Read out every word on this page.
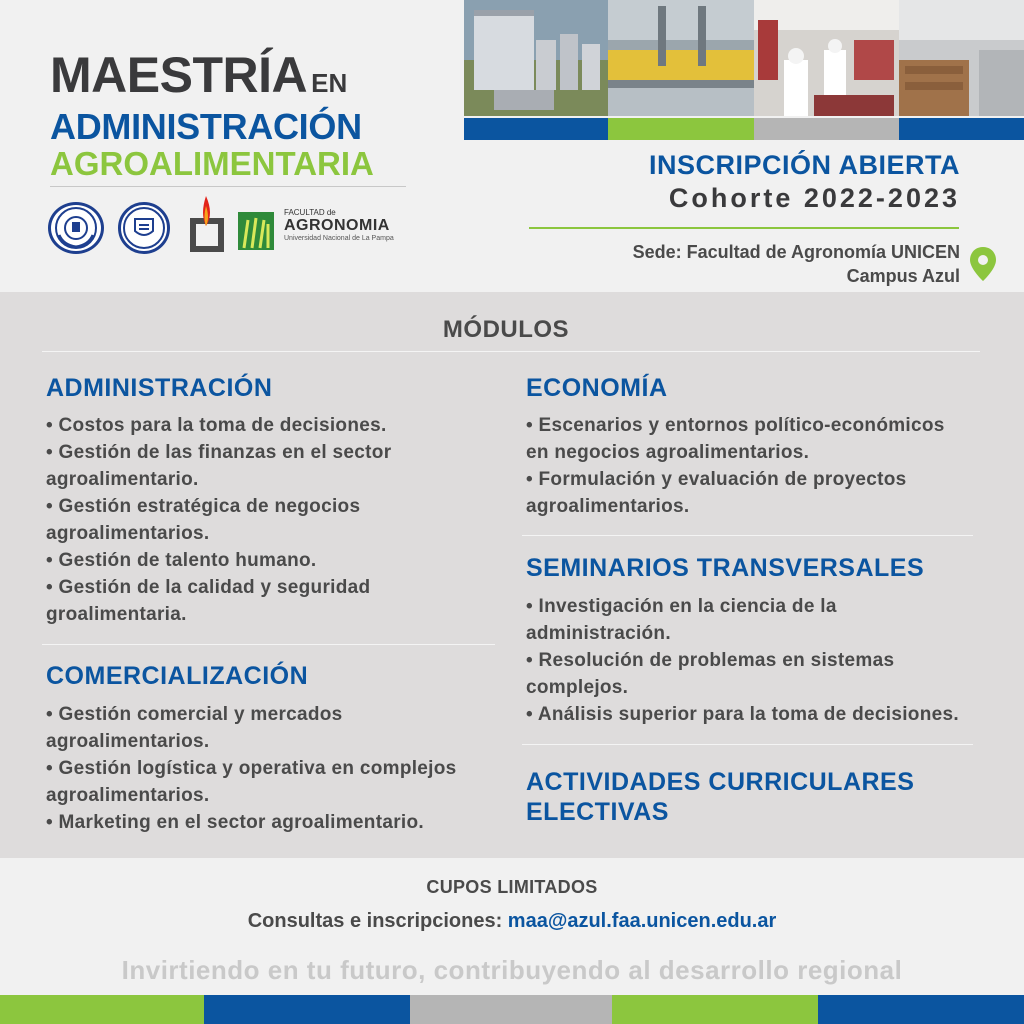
MAESTRÍA EN
ADMINISTRACIÓN
AGROALIMENTARIA
FACULTAD de
AGRONOMIA
Universidad Nacional de La Pampa
INSCRIPCIÓN ABIERTA
Cohorte 2022-2023
Sede: Facultad de Agronomía UNICEN
Campus Azul
MÓDULOS
ADMINISTRACIÓN
• Costos para la toma de decisiones.
• Gestión de las finanzas en el sector
agroalimentario.
• Gestión estratégica de negocios
agroalimentarios.
• Gestión de talento humano.
• Gestión de la calidad y seguridad
groalimentaria.
COMERCIALIZACIÓN
• Gestión comercial y mercados
agroalimentarios.
• Gestión logística y operativa en complejos
agroalimentarios.
• Marketing en el sector agroalimentario.
ECONOMÍA
• Escenarios y entornos político-económicos
en negocios agroalimentarios.
• Formulación y evaluación de proyectos
agroalimentarios.
SEMINARIOS TRANSVERSALES
• Investigación en la ciencia de la
administración.
• Resolución de problemas en sistemas
complejos.
• Análisis superior para la toma de decisiones.
ACTIVIDADES CURRICULARES
ELECTIVAS
CUPOS LIMITADOS
Consultas e inscripciones: maa@azul.faa.unicen.edu.ar
Invirtiendo en tu futuro, contribuyendo al desarrollo regional
